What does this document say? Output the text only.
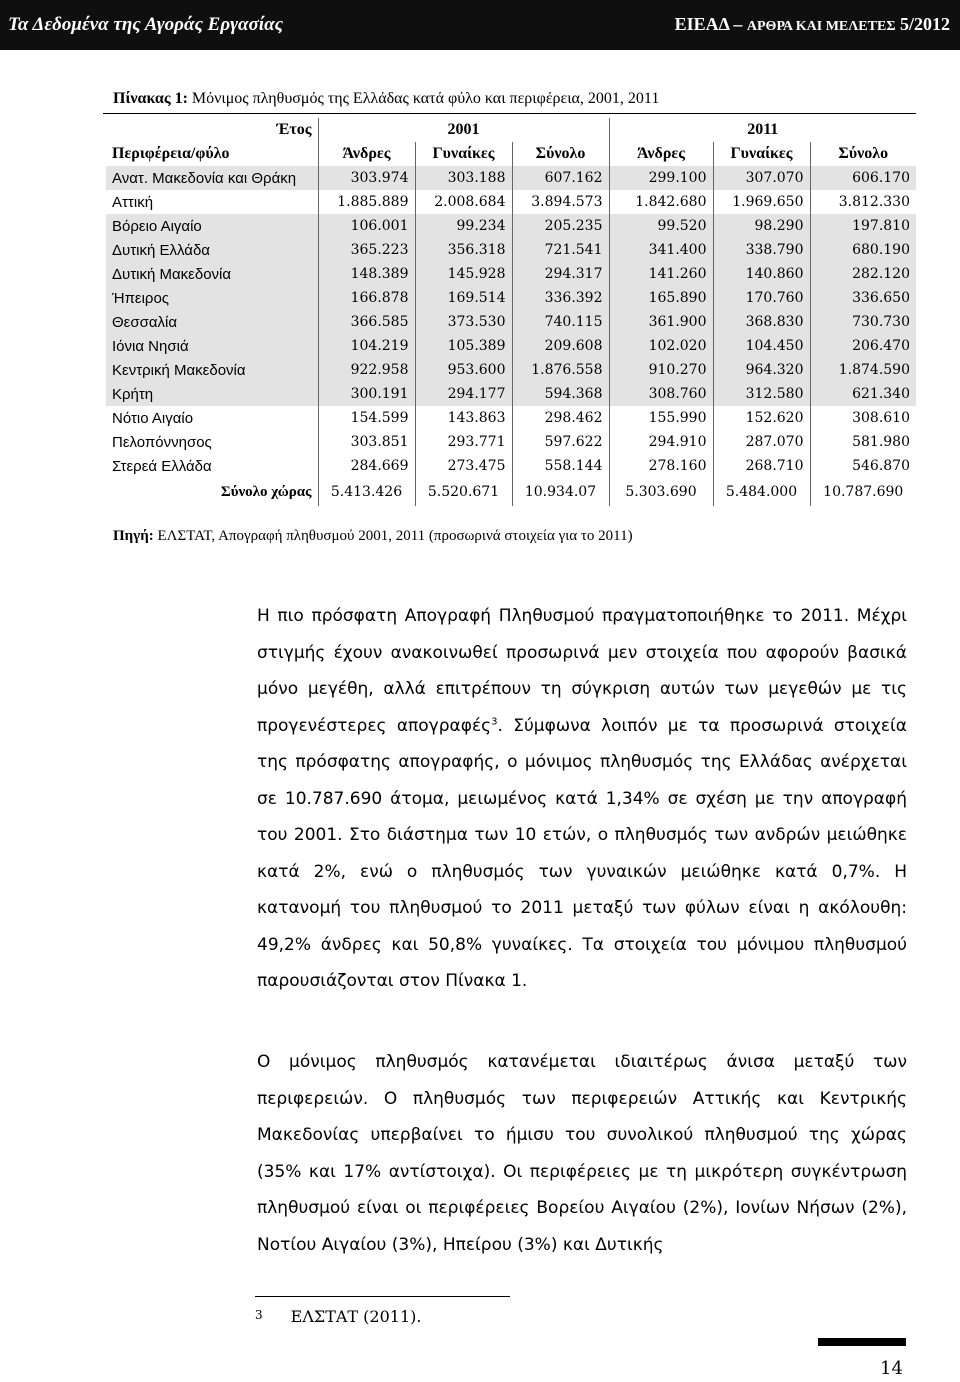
Τα Δεδομένα της Αγοράς Εργασίας	ΕΙΕΑΔ – ΑΡΘΡΑ ΚΑΙ ΜΕΛΕΤΕΣ 5/2012
Πίνακας 1: Μόνιμος πληθυσμός της Ελλάδας κατά φύλο και περιφέρεια, 2001, 2011
Έτος	2001			2011		
Περιφέρεια/φύλο	Άνδρες	Γυναίκες	Σύνολο	Άνδρες	Γυναίκες	Σύνολο
Ανατ. Μακεδονία και Θράκη	303.974	303.188	607.162	299.100	307.070	606.170
Αττική	1.885.889	2.008.684	3.894.573	1.842.680	1.969.650	3.812.330
Βόρειο Αιγαίο	106.001	99.234	205.235	99.520	98.290	197.810
Δυτική Ελλάδα	365.223	356.318	721.541	341.400	338.790	680.190
Δυτική Μακεδονία	148.389	145.928	294.317	141.260	140.860	282.120
Ήπειρος	166.878	169.514	336.392	165.890	170.760	336.650
Θεσσαλία	366.585	373.530	740.115	361.900	368.830	730.730
Ιόνια Νησιά	104.219	105.389	209.608	102.020	104.450	206.470
Κεντρική Μακεδονία	922.958	953.600	1.876.558	910.270	964.320	1.874.590
Κρήτη	300.191	294.177	594.368	308.760	312.580	621.340
Νότιο Αιγαίο	154.599	143.863	298.462	155.990	152.620	308.610
Πελοπόννησος	303.851	293.771	597.622	294.910	287.070	581.980
Στερεά Ελλάδα	284.669	273.475	558.144	278.160	268.710	546.870
Σύνολο χώρας	5.413.426	5.520.671	10.934.07	5.303.690	5.484.000	10.787.690
Πηγή: ΕΛΣΤΑΤ, Απογραφή πληθυσμού 2001, 2011 (προσωρινά στοιχεία για το 2011)
Η πιο πρόσφατη Απογραφή Πληθυσμού πραγματοποιήθηκε το 2011. Μέχρι στιγμής έχουν ανακοινωθεί προσωρινά μεν στοιχεία που αφορούν βασικά μόνο μεγέθη, αλλά επιτρέπουν τη σύγκριση αυτών των μεγεθών με τις προγενέστερες απογραφές$^3$. Σύμφωνα λοιπόν με τα προσωρινά στοιχεία της πρόσφατης απογραφής, ο μόνιμος πληθυσμός της Ελλάδας ανέρχεται σε 10.787.690 άτομα, μειωμένος κατά 1,34% σε σχέση με την απογραφή του 2001. Στο διάστημα των 10 ετών, ο πληθυσμός των ανδρών μειώθηκε κατά 2%, ενώ ο πληθυσμός των γυναικών μειώθηκε κατά 0,7%. Η κατανομή του πληθυσμού το 2011 μεταξύ των φύλων είναι η ακόλουθη: 49,2% άνδρες και 50,8% γυναίκες. Τα στοιχεία του μόνιμου πληθυσμού παρουσιάζονται στον Πίνακα 1.
Ο μόνιμος πληθυσμός κατανέμεται ιδιαιτέρως άνισα μεταξύ των περιφερειών. Ο πληθυσμός των περιφερειών Αττικής και Κεντρικής Μακεδονίας υπερβαίνει το ήμισυ του συνολικού πληθυσμού της χώρας (35% και 17% αντίστοιχα). Οι περιφέρειες με τη μικρότερη συγκέντρωση πληθυσμού είναι οι περιφέρειες Βορείου Αιγαίου (2%), Ιονίων Νήσων (2%), Νοτίου Αιγαίου (3%), Ηπείρου (3%) και Δυτικής
3 ΕΛΣΤΑΤ (2011).
14
